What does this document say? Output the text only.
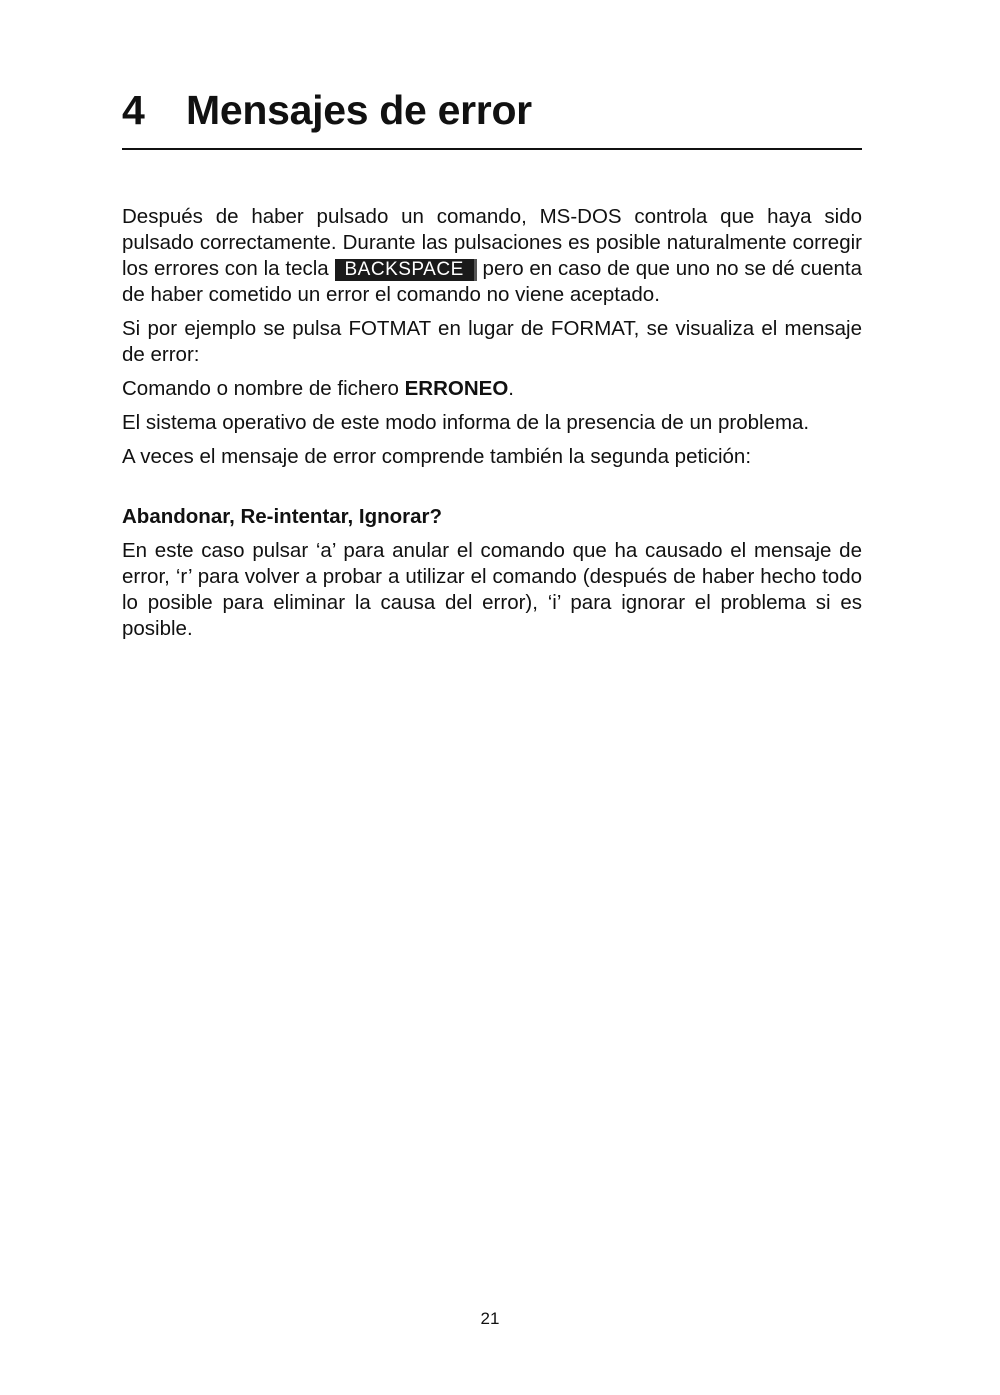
4 Mensajes de error

Después de haber pulsado un comando, MS-DOS controla que haya sido pulsado correctamente. Durante las pulsaciones es posible naturalmente corregir los errores con la tecla BACKSPACE pero en caso de que uno no se dé cuenta de haber cometido un error el comando no viene aceptado.

Si por ejemplo se pulsa FOTMAT en lugar de FORMAT, se visualiza el mensaje de error:

Comando o nombre de fichero ERRONEO.

El sistema operativo de este modo informa de la presencia de un problema.

A veces el mensaje de error comprende también la segunda petición:

Abandonar, Re-intentar, Ignorar?

En este caso pulsar ‘a’ para anular el comando que ha causado el mensaje de error, ‘r’ para volver a probar a utilizar el comando (después de haber hecho todo lo posible para eliminar la causa del error), ‘i’ para ignorar el problema si es posible.

21
